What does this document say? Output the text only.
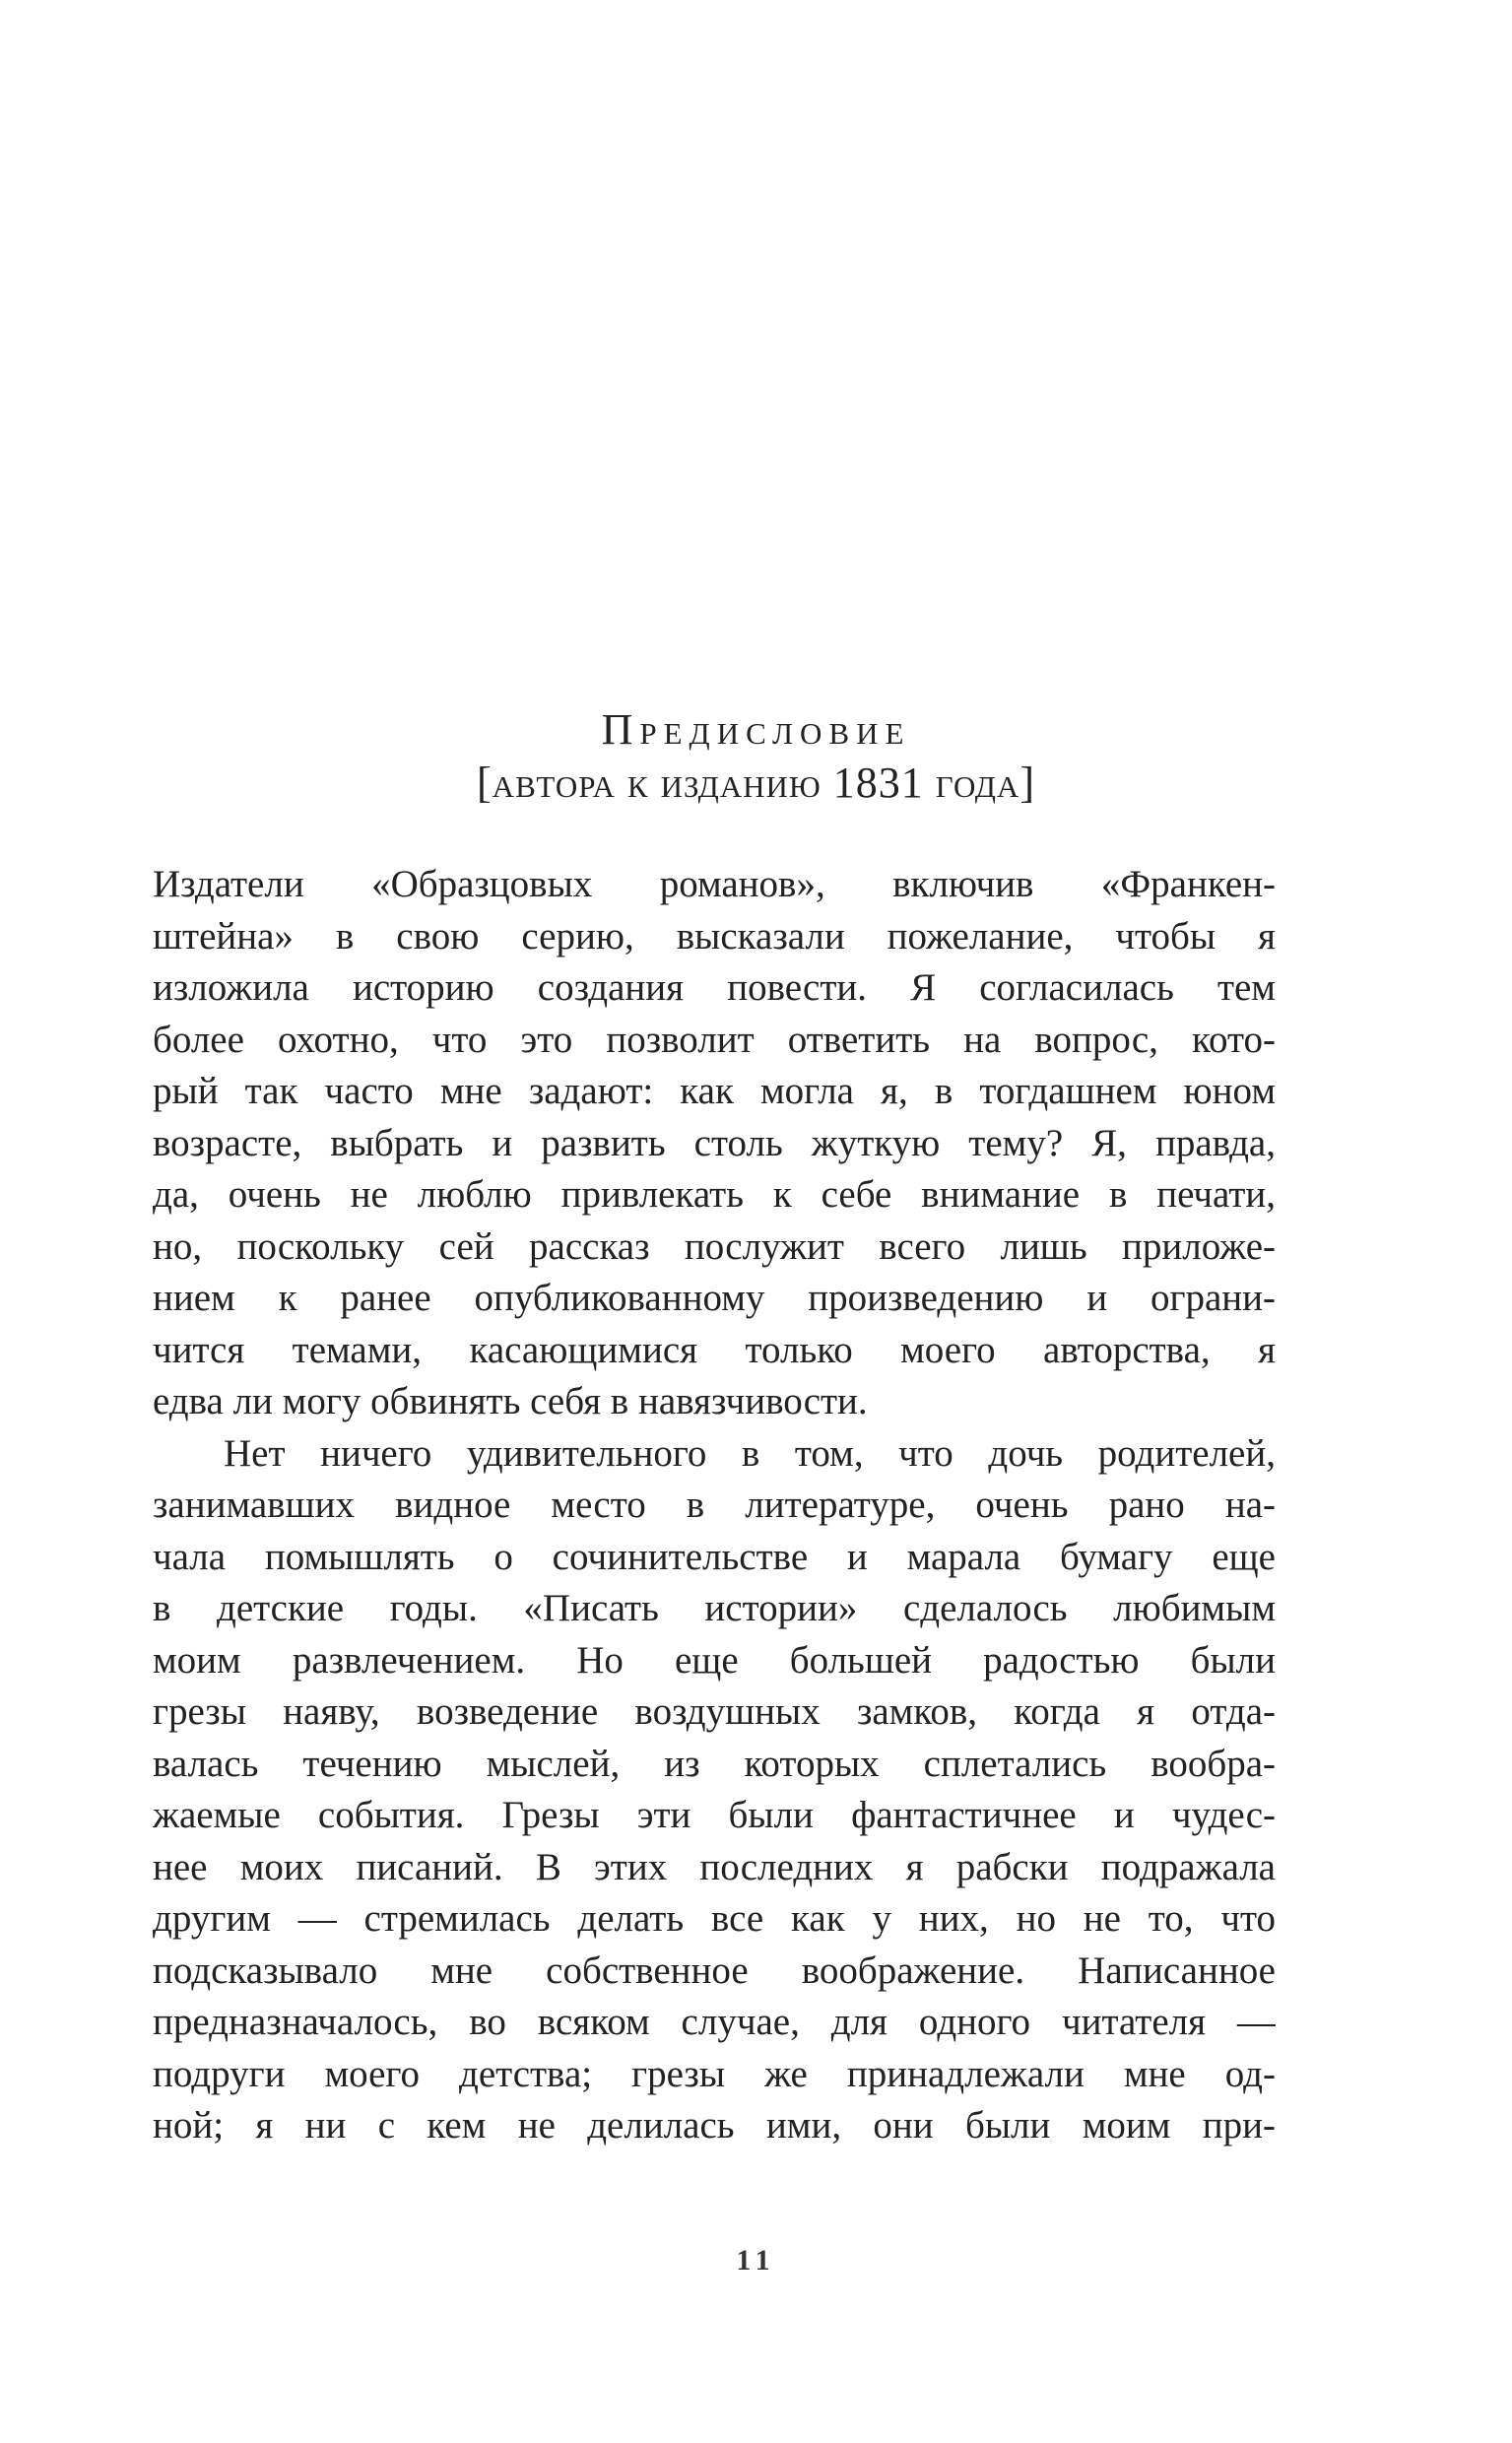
Предисловие
[автора к изданию 1831 года]
Издатели «Образцовых романов», включив «Франкен-
штейна» в свою серию, высказали пожелание, чтобы я
изложила историю создания повести. Я согласилась тем
более охотно, что это позволит ответить на вопрос, кото-
рый так часто мне задают: как могла я, в тогдашнем юном
возрасте, выбрать и развить столь жуткую тему? Я, правда,
да, очень не люблю привлекать к себе внимание в печати,
но, поскольку сей рассказ послужит всего лишь приложе-
нием к ранее опубликованному произведению и ограни-
чится темами, касающимися только моего авторства, я
едва ли могу обвинять себя в навязчивости.
Нет ничего удивительного в том, что дочь родителей,
занимавших видное место в литературе, очень рано на-
чала помышлять о сочинительстве и марала бумагу еще
в детские годы. «Писать истории» сделалось любимым
моим развлечением. Но еще большей радостью были
грезы наяву, возведение воздушных замков, когда я отда-
валась течению мыслей, из которых сплетались вообра-
жаемые события. Грезы эти были фантастичнее и чудес-
нее моих писаний. В этих последних я рабски подражала
другим — стремилась делать все как у них, но не то, что
подсказывало мне собственное воображение. Написанное
предназначалось, во всяком случае, для одного читателя —
подруги моего детства; грезы же принадлежали мне од-
ной; я ни с кем не делилась ими, они были моим при-
11
